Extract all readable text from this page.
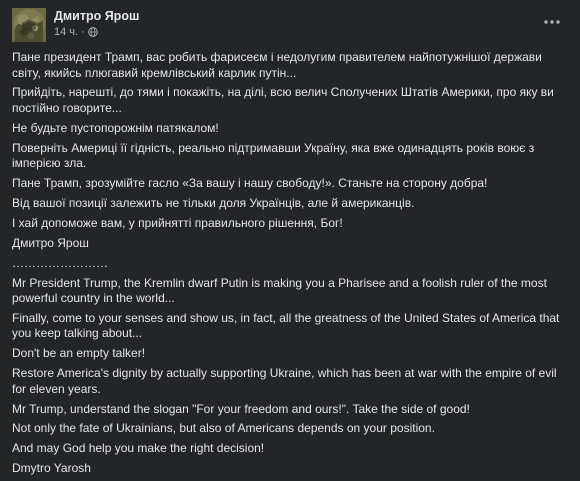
Дмитро Ярош
14 ч. ·

Пане президент Трамп, вас робить фарисеєм і недолугим правителем найпотужнішої держави світу, якийсь плюгавий кремлівський карлик путін...

Прийдіть, нарешті, до тями і покажіть, на ділі, всю велич Сполучених Штатів Америки, про яку ви постійно говорите...

Не будьте пустопорожнім патякалом!

Поверніть Америці її гідність, реально підтримавши Україну, яка вже одинадцять років воює з імперією зла.

Пане Трамп, зрозумійте гасло «За вашу і нашу свободу!». Станьте на сторону добра!

Від вашої позиції залежить не тільки доля Українців, але й американців.

І хай допоможе вам, у прийнятті правильного рішення, Бог!

Дмитро Ярош

……………………

Mr President Trump, the Kremlin dwarf Putin is making you a Pharisee and a foolish ruler of the most powerful country in the world...

Finally, come to your senses and show us, in fact, all the greatness of the United States of America that you keep talking about...

Don't be an empty talker!

Restore America's dignity by actually supporting Ukraine, which has been at war with the empire of evil for eleven years.

Mr Trump, understand the slogan "For your freedom and ours!". Take the side of good!

Not only the fate of Ukrainians, but also of Americans depends on your position.

And may God help you make the right decision!

Dmytro Yarosh
